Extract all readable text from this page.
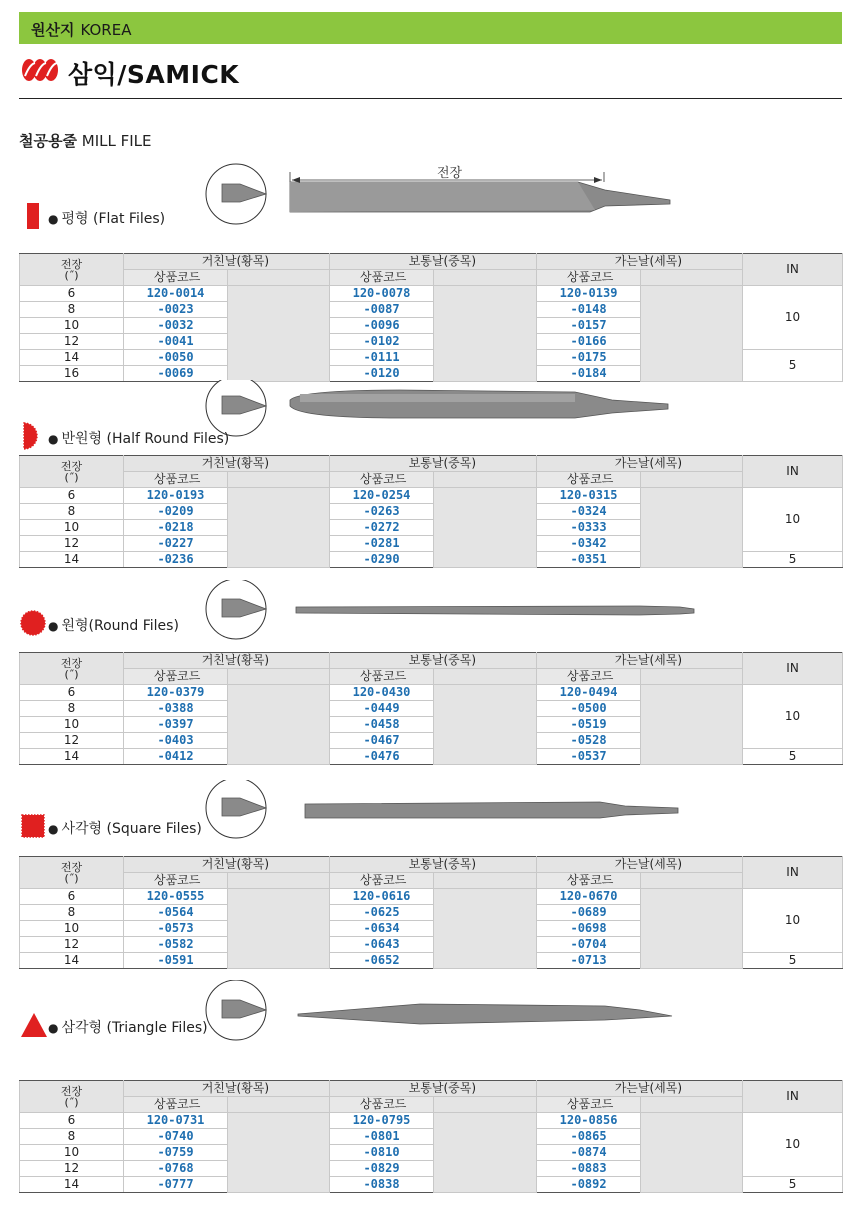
원산지 KOREA
삼익/SAMICK
철공용줄 MILL FILE
전장
● 평형 (Flat Files)
전장
(˝)	거친날(황목)		보통날(중목)		가는날(세목)		IN
	상품코드		상품코드		상품코드		
6	120-0014		120-0078		120-0139		10
8	-0023		-0087		-0148		
10	-0032		-0096		-0157		
12	-0041		-0102		-0166		
14	-0050		-0111		-0175		5
16	-0069		-0120		-0184		
● 반원형 (Half Round Files)
전장
(˝)	거친날(황목)		보통날(중목)		가는날(세목)		IN
	상품코드		상품코드		상품코드		
6	120-0193		120-0254		120-0315		10
8	-0209		-0263		-0324		
10	-0218		-0272		-0333		
12	-0227		-0281		-0342		
14	-0236		-0290		-0351		5
● 원형(Round Files)
전장
(˝)	거친날(황목)		보통날(중목)		가는날(세목)		IN
	상품코드		상품코드		상품코드		
6	120-0379		120-0430		120-0494		10
8	-0388		-0449		-0500		
10	-0397		-0458		-0519		
12	-0403		-0467		-0528		
14	-0412		-0476		-0537		5
● 사각형 (Square Files)
전장
(˝)	거친날(황목)		보통날(중목)		가는날(세목)		IN
	상품코드		상품코드		상품코드		
6	120-0555		120-0616		120-0670		10
8	-0564		-0625		-0689		
10	-0573		-0634		-0698		
12	-0582		-0643		-0704		
14	-0591		-0652		-0713		5
● 삼각형 (Triangle Files)
전장
(˝)	거친날(황목)		보통날(중목)		가는날(세목)		IN
	상품코드		상품코드		상품코드		
6	120-0731		120-0795		120-0856		10
8	-0740		-0801		-0865		
10	-0759		-0810		-0874		
12	-0768		-0829		-0883		
14	-0777		-0838		-0892		5
